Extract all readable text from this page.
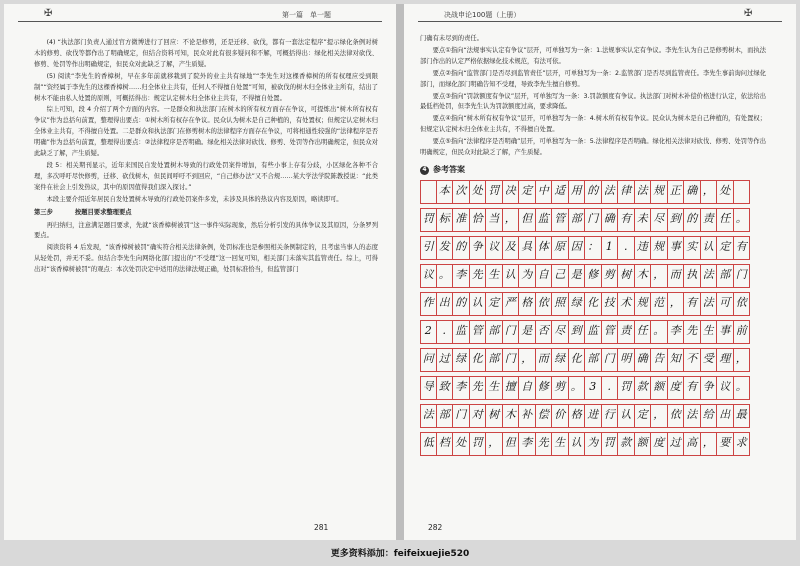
✠	第一篇　单一题

(4) “执法部门负责人通过官方微博进行了回应：不论是修剪，还是迁移、砍伐，都有一套法定程序”提示绿化条例对树木的修剪、砍伐等都作出了明确规定，但结合资料可知，民众对此有很多疑问和不解，可概括得出：绿化相关法律对砍伐、修剪、处罚等作出明确规定，但民众对此缺乏了解，产生质疑。

(5) 阅读“李先生的香樟树，早在多年前就移栽到了院外的业主共有绿地”“李先生对这棵香樟树的所有权理应受到限制”“资经属于李先生的这棵香樟树……归全体业主共有，任何人不得擅自处置”可知，被砍伐的树木归全体业主所有，结出了树木不能由私人处置的原则，可概括得出：规定认定树木归全体业主共有，不得擅自处置。

综上可知，段 4 介绍了两个方面的内容。一是群众和执法部门在树木的所有权方面存在争议，可提炼出“树木所有权有争议”作为总括句前置，整理得出要点：①树木所有权存在争议。民众认为树木是自己种植的，有处置权；但规定认定树木归全体业主共有，不得擅自处置。二是群众和执法部门在修剪树木的法律程序方面存在争议，可将相通性较强的“法律程序是否明确”作为总括句前置，整理得出要点：②法律程序是否明确。绿化相关法律对砍伐、修剪、处罚等作出明确规定，但民众对此缺乏了解，产生质疑。

段 5：相关期刊显示，近年来国民自发处置树木导致的行政处罚案件增加，有些小事上存有分歧，小区绿化各种不合理，多次呼吁尽快修剪，迁移、砍伐树木，但民间呼吁不到回应，“自己修办法”又不合规……某大学法学院陈教授说：“此类案件在社会上引发热议，其中的原因值得我们深入探讨。”

本段主要介绍近年居民自发处置树木导致的行政处罚案件多发，未涉及具体的热议内容及原因，略读即可。

第三步	按题目要求整理要点

再归纳归，注意满足题目要求，先就“该香樟树被罚”这一事件实际现象，然后分析引发的具体争议及其原因，分条罗列要点。

阅读资料 4 后发现，“该香樟树被罚”确实符合相关法律条例，处罚标准也是参照相关条例制定的，且考虑当事人的态度从轻处罚，并无不妥。但结合李先生向网络化部门提出的“不受理”这一回复可知，相关部门未落实其监管责任。综上，可得出对“该香樟树被罚”的观点：本次处罚决定中适用的法律法规正确，处罚标准恰当，但监管部门

281
决战申论100题（上册）	✠

门确有未尽到的责任。

要点①指向“法规事实认定有争议”层开，可单独写为一条：1.法规事实认定有争议。李先生认为自己是修剪树木，而执法部门作出的认定严格依据绿化技术规范，有法可依。

要点②指向“监管部门是否尽到监管责任”层开，可单独写为一条：2.监管部门是否尽到监管责任。李先生事前询问过绿化部门，而绿化部门明确告知不受理，导致李先生擅自修剪。

要点③指向“罚款额度有争议”层开，可单独写为一条：3.罚款额度有争议。执法部门对树木补偿价格进行认定，依法给出最低档处罚，但李先生认为罚款额度过高，要求降低。

要点④指向“树木所有权有争议”层开，可单独写为一条：4.树木所有权有争议。民众认为树木是自己种植的，有处置权；但规定认定树木归全体业主共有，不得擅自处置。

要点⑤指向“法律程序是否明确”层开，可单独写为一条：5.法律程序是否明确。绿化相关法律对砍伐、修剪、处罚等作出明确规定，但民众对此缺乏了解，产生质疑。

4 参考答案

本 次 处 罚 决 定 中 适 用 的 法 律 法 规 正 确 ， 处
罚 标 准 恰 当 ， 但 监 管 部 门 确 有 未 尽 到 的 责 任 。
引 发 的 争 议 及 具 体 原 因 ： 1	. 违 规 事 实 认 定 有
议 。 李 先 生 认 为 自 己 是 修 剪 树 木 ， 而 执 法 部 门
作 出 的 认 定 严 格 依 照 绿 化 技 术 规 范 ， 有 法 可 依
2 . 监 管 部 门 是 否 尽 到 监 管 责 任 。 李 先 生 事 前
问 过 绿 化 部 门 ， 而 绿 化 部 门 明 确 告 知 不 受 理 ，
导 致 李 先 生 擅 自 修 剪 。 3	. 罚 款 额 度 有 争 议 。
法 部 门 对 树 木 补 偿 价 格 进 行 认 定 ， 依 法 给 出 最
低 档 处 罚 ， 但 李 先 生 认 为 罚 款 额 度 过 高 ， 要 求
282
更多资料添加：feifeixuejie520
